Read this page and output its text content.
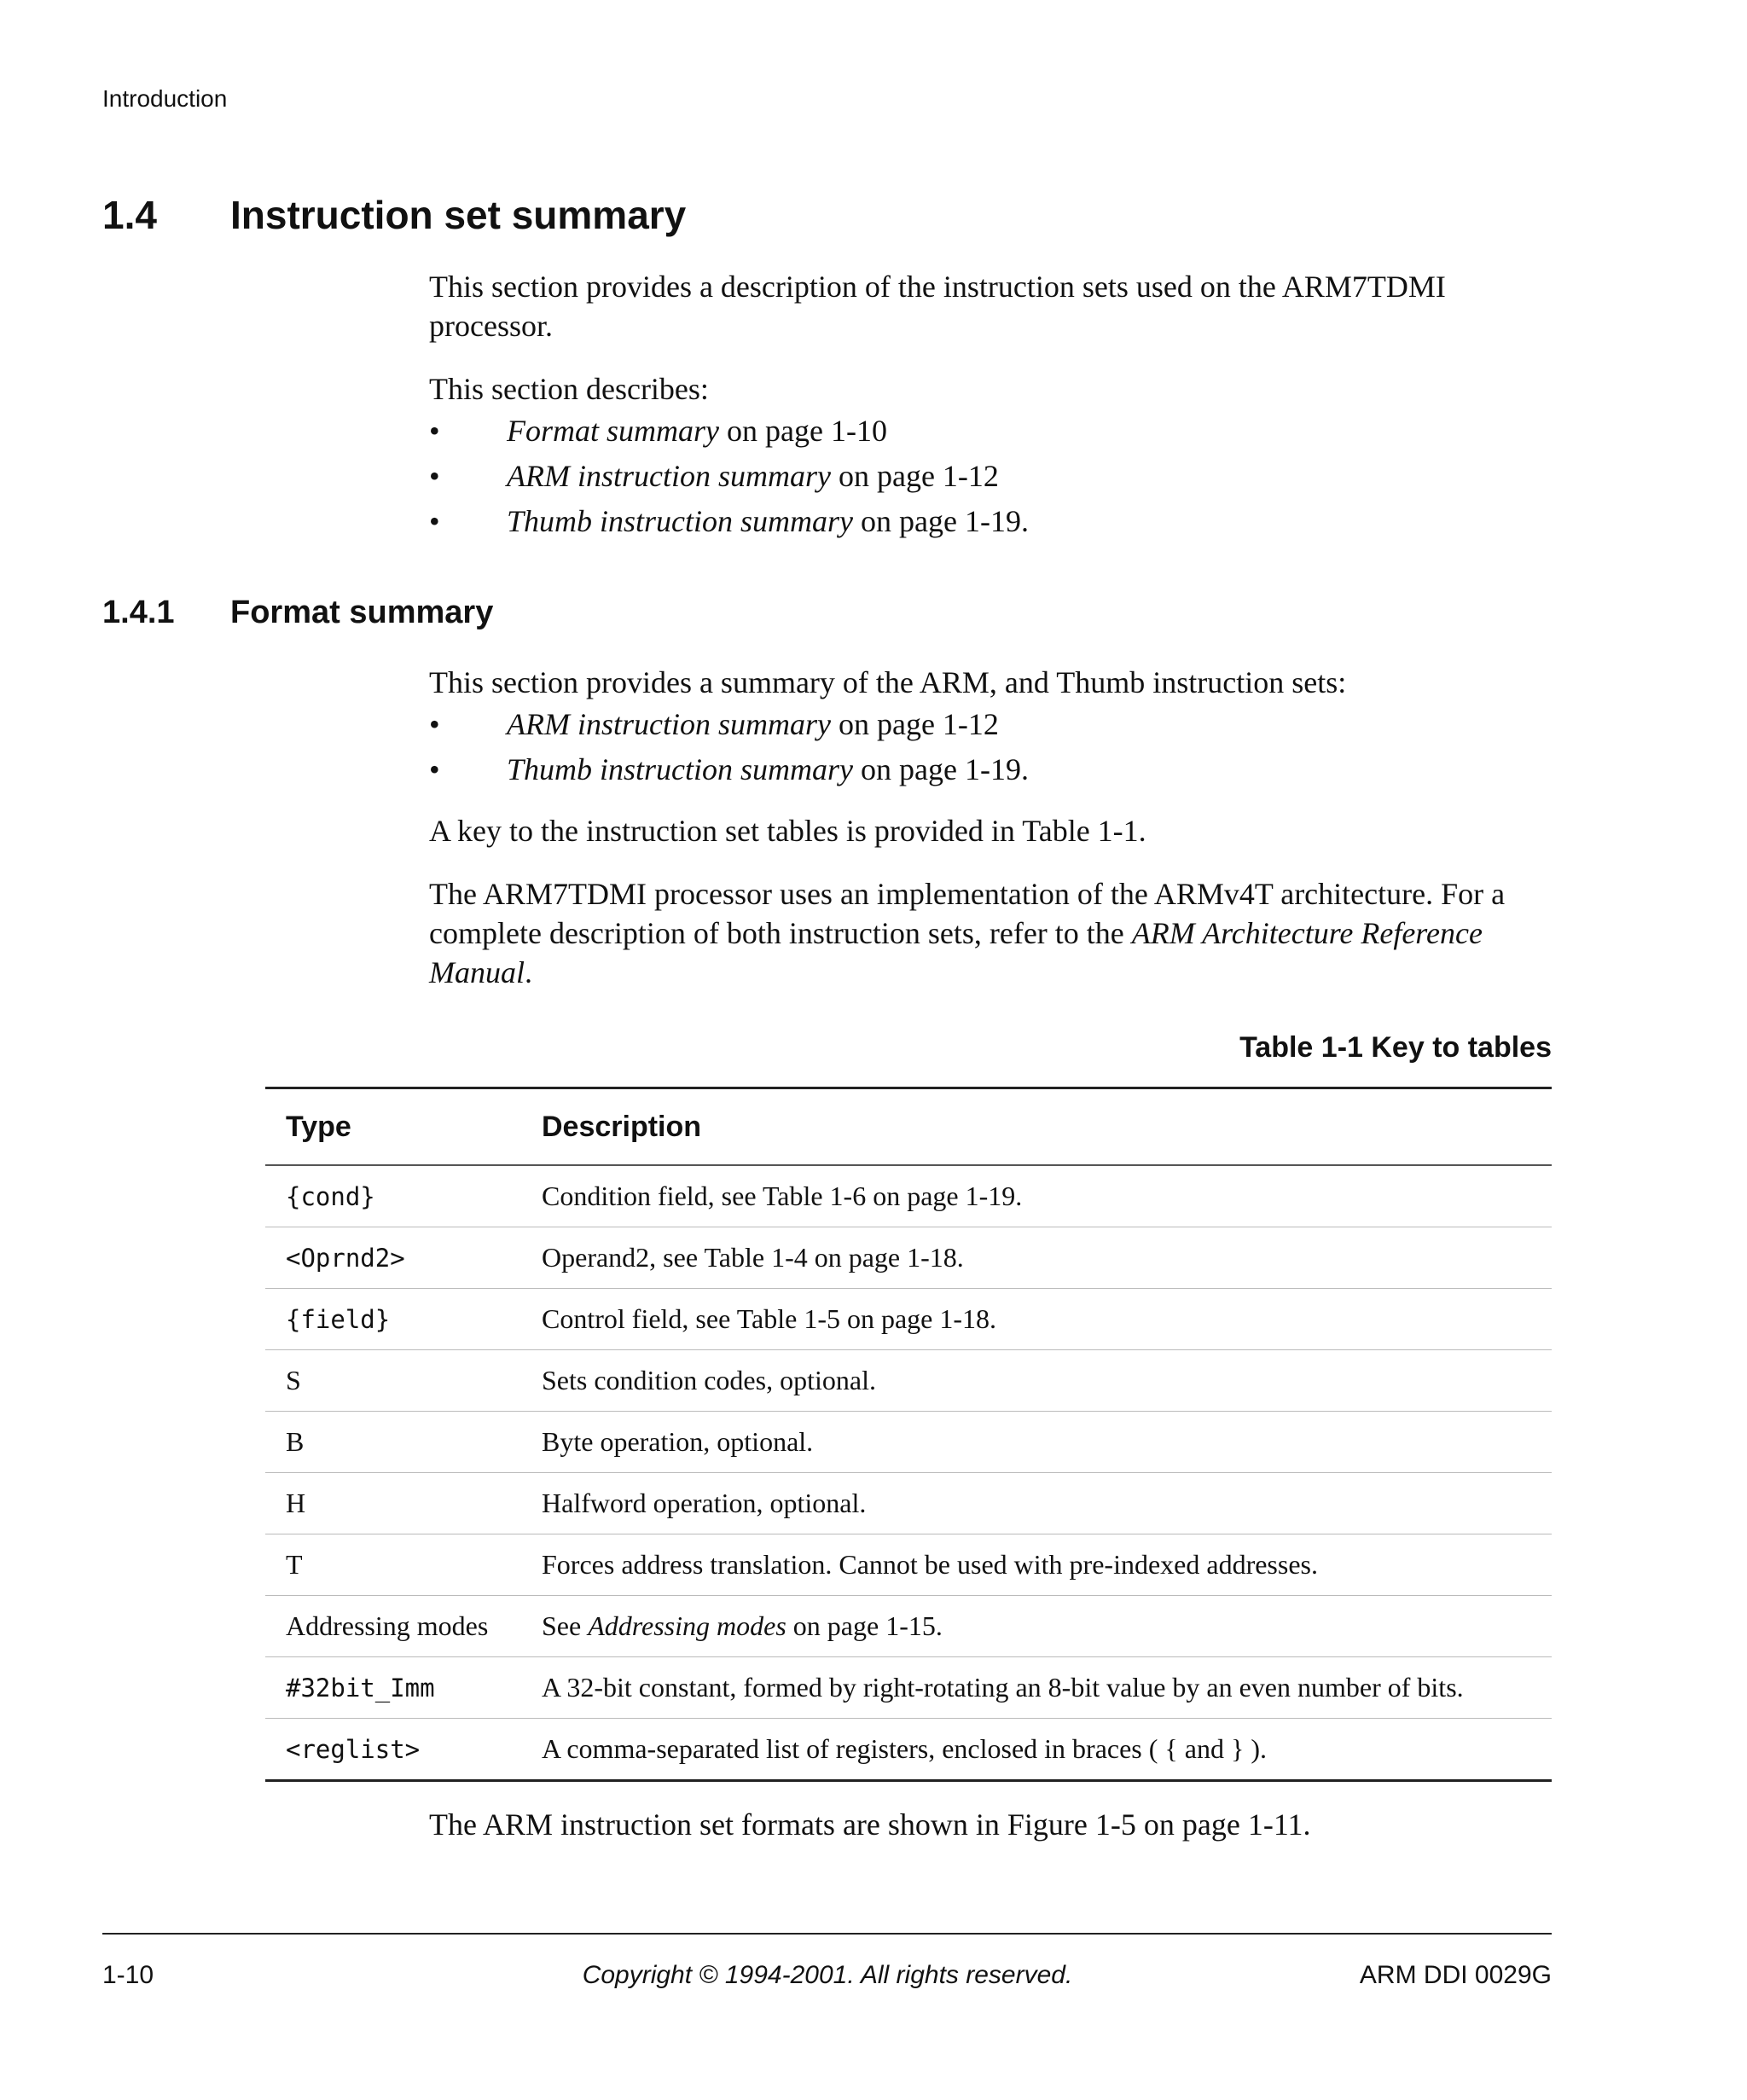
Introduction
1.4 Instruction set summary

This section provides a description of the instruction sets used on the ARM7TDMI processor.

This section describes:

• Format summary on page 1-10
• ARM instruction summary on page 1-12
• Thumb instruction summary on page 1-19.
1.4.1 Format summary

This section provides a summary of the ARM, and Thumb instruction sets:

• ARM instruction summary on page 1-12
• Thumb instruction summary on page 1-19.

A key to the instruction set tables is provided in Table 1-1.

The ARM7TDMI processor uses an implementation of the ARMv4T architecture. For a complete description of both instruction sets, refer to the ARM Architecture Reference Manual.

Table 1-1 Key to tables
Type	Description
{cond}	Condition field, see Table 1-6 on page 1-19.
<Oprnd2>	Operand2, see Table 1-4 on page 1-18.
{field}	Control field, see Table 1-5 on page 1-18.
S	Sets condition codes, optional.
B	Byte operation, optional.
H	Halfword operation, optional.
T	Forces address translation. Cannot be used with pre-indexed addresses.
Addressing modes	See Addressing modes on page 1-15.
#32bit_Imm	A 32-bit constant, formed by right-rotating an 8-bit value by an even number of bits.
<reglist>	A comma-separated list of registers, enclosed in braces ( { and } ).
The ARM instruction set formats are shown in Figure 1-5 on page 1-11.
1-10	Copyright © 1994-2001. All rights reserved.	ARM DDI 0029G
